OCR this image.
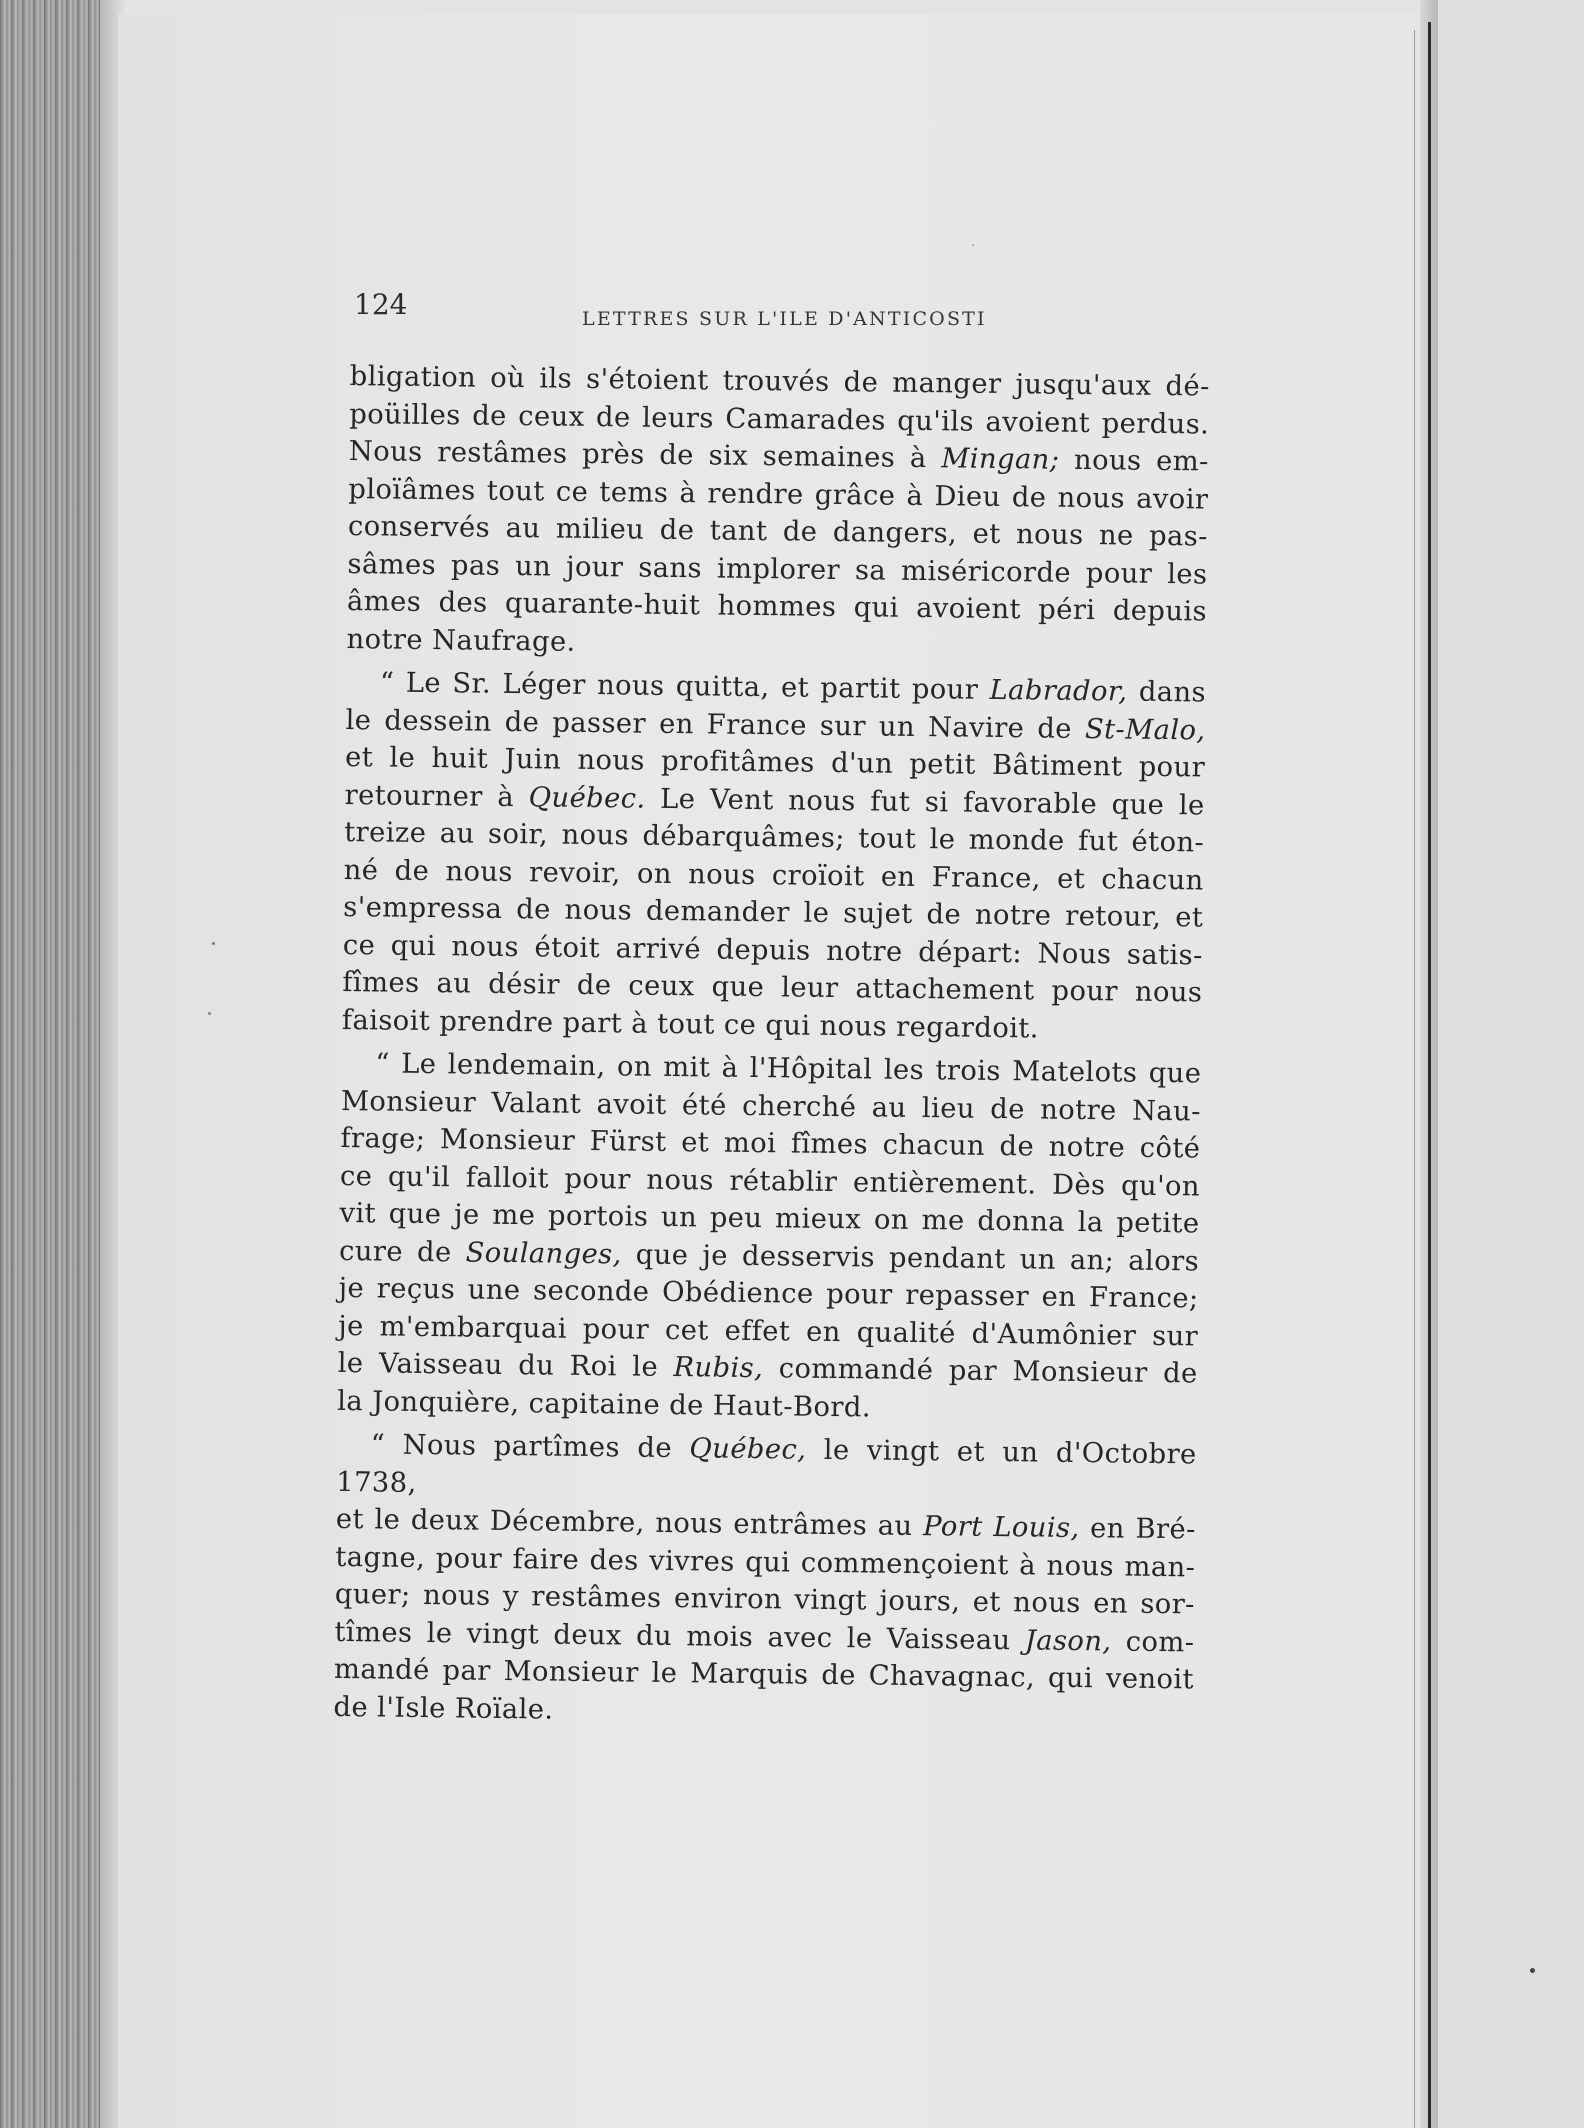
124	LETTRES SUR L'ILE D'ANTICOSTI

bligation où ils s'étoient trouvés de manger jusqu'aux dé-
poüilles de ceux de leurs Camarades qu'ils avoient perdus.
Nous restâmes près de six semaines à Mingan; nous em-
ploïâmes tout ce tems à rendre grâce à Dieu de nous avoir
conservés au milieu de tant de dangers, et nous ne pas-
sâmes pas un jour sans implorer sa miséricorde pour les
âmes des quarante-huit hommes qui avoient péri depuis
notre Naufrage.

“ Le Sr. Léger nous quitta, et partit pour Labrador, dans
le dessein de passer en France sur un Navire de St-Malo,
et le huit Juin nous profitâmes d'un petit Bâtiment pour
retourner à Québec. Le Vent nous fut si favorable que le
treize au soir, nous débarquâmes; tout le monde fut éton-
né de nous revoir, on nous croïoit en France, et chacun
s'empressa de nous demander le sujet de notre retour, et
ce qui nous étoit arrivé depuis notre départ: Nous satis-
fîmes au désir de ceux que leur attachement pour nous
faisoit prendre part à tout ce qui nous regardoit.

“ Le lendemain, on mit à l'Hôpital les trois Matelots que
Monsieur Valant avoit été cherché au lieu de notre Nau-
frage; Monsieur Fürst et moi fîmes chacun de notre côté
ce qu'il falloit pour nous rétablir entièrement. Dès qu'on
vit que je me portois un peu mieux on me donna la petite
cure de Soulanges, que je desservis pendant un an; alors
je reçus une seconde Obédience pour repasser en France;
je m'embarquai pour cet effet en qualité d'Aumônier sur
le Vaisseau du Roi le Rubis, commandé par Monsieur de
la Jonquière, capitaine de Haut-Bord.

“ Nous partîmes de Québec, le vingt et un d'Octobre 1738,
et le deux Décembre, nous entrâmes au Port Louis, en Bré-
tagne, pour faire des vivres qui commençoient à nous man-
quer; nous y restâmes environ vingt jours, et nous en sor-
tîmes le vingt deux du mois avec le Vaisseau Jason, com-
mandé par Monsieur le Marquis de Chavagnac, qui venoit
de l'Isle Roïale.
